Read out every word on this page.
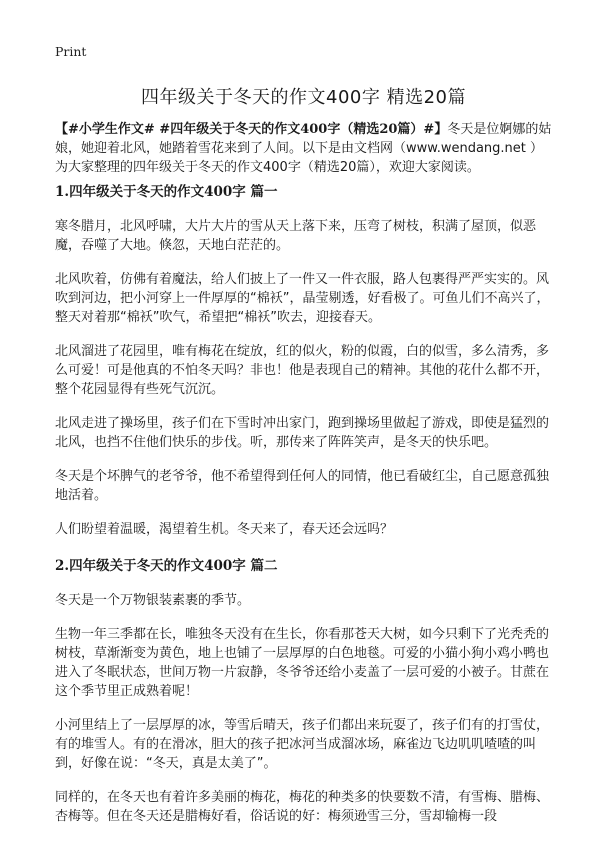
Print
四年级关于冬天的作文400字 精选20篇
【#小学生作文# #四年级关于冬天的作文400字（精选20篇）#】冬天是位婀娜的姑娘，她迎着北风，她踏着雪花来到了人间。以下是由文档网（www.wendang.net ）为大家整理的四年级关于冬天的作文400字（精选20篇），欢迎大家阅读。
1.四年级关于冬天的作文400字 篇一

寒冬腊月，北风呼啸，大片大片的雪从天上落下来，压弯了树枝，积满了屋顶，似恶魔，吞噬了大地。倏忽，天地白茫茫的。

北风吹着，仿佛有着魔法，给人们披上了一件又一件衣服，路人包裹得严严实实的。风吹到河边，把小河穿上一件厚厚的“棉袄”，晶莹剔透，好看极了。可鱼儿们不高兴了，整天对着那“棉袄”吹气，希望把“棉袄”吹去，迎接春天。

北风溜进了花园里，唯有梅花在绽放，红的似火，粉的似霞，白的似雪，多么清秀，多么可爱！可是他真的不怕冬天吗？非也！他是表现自己的精神。其他的花什么都不开，整个花园显得有些死气沉沉。

北风走进了操场里，孩子们在下雪时冲出家门，跑到操场里做起了游戏，即使是猛烈的北风，也挡不住他们快乐的步伐。听，那传来了阵阵笑声，是冬天的快乐吧。

冬天是个坏脾气的老爷爷，他不希望得到任何人的同情，他已看破红尘，自己愿意孤独地活着。

人们盼望着温暖，渴望着生机。冬天来了，春天还会远吗？

2.四年级关于冬天的作文400字 篇二

冬天是一个万物银装素裹的季节。

生物一年三季都在长，唯独冬天没有在生长，你看那苍天大树，如今只剩下了光秃秃的树枝，草渐渐变为黄色，地上也铺了一层厚厚的白色地毯。可爱的小猫小狗小鸡小鸭也进入了冬眠状态，世间万物一片寂静，冬爷爷还给小麦盖了一层可爱的小被子。甘蔗在这个季节里正成熟着呢！

小河里结上了一层厚厚的冰，等雪后晴天，孩子们都出来玩耍了，孩子们有的打雪仗，有的堆雪人。有的在滑冰，胆大的孩子把冰河当成溜冰场，麻雀边飞边叽叽喳喳的叫到，好像在说：“冬天，真是太美了”。

同样的，在冬天也有着许多美丽的梅花，梅花的种类多的快要数不清，有雪梅、腊梅、杏梅等。但在冬天还是腊梅好看，俗话说的好：梅须逊雪三分，雪却输梅一段
